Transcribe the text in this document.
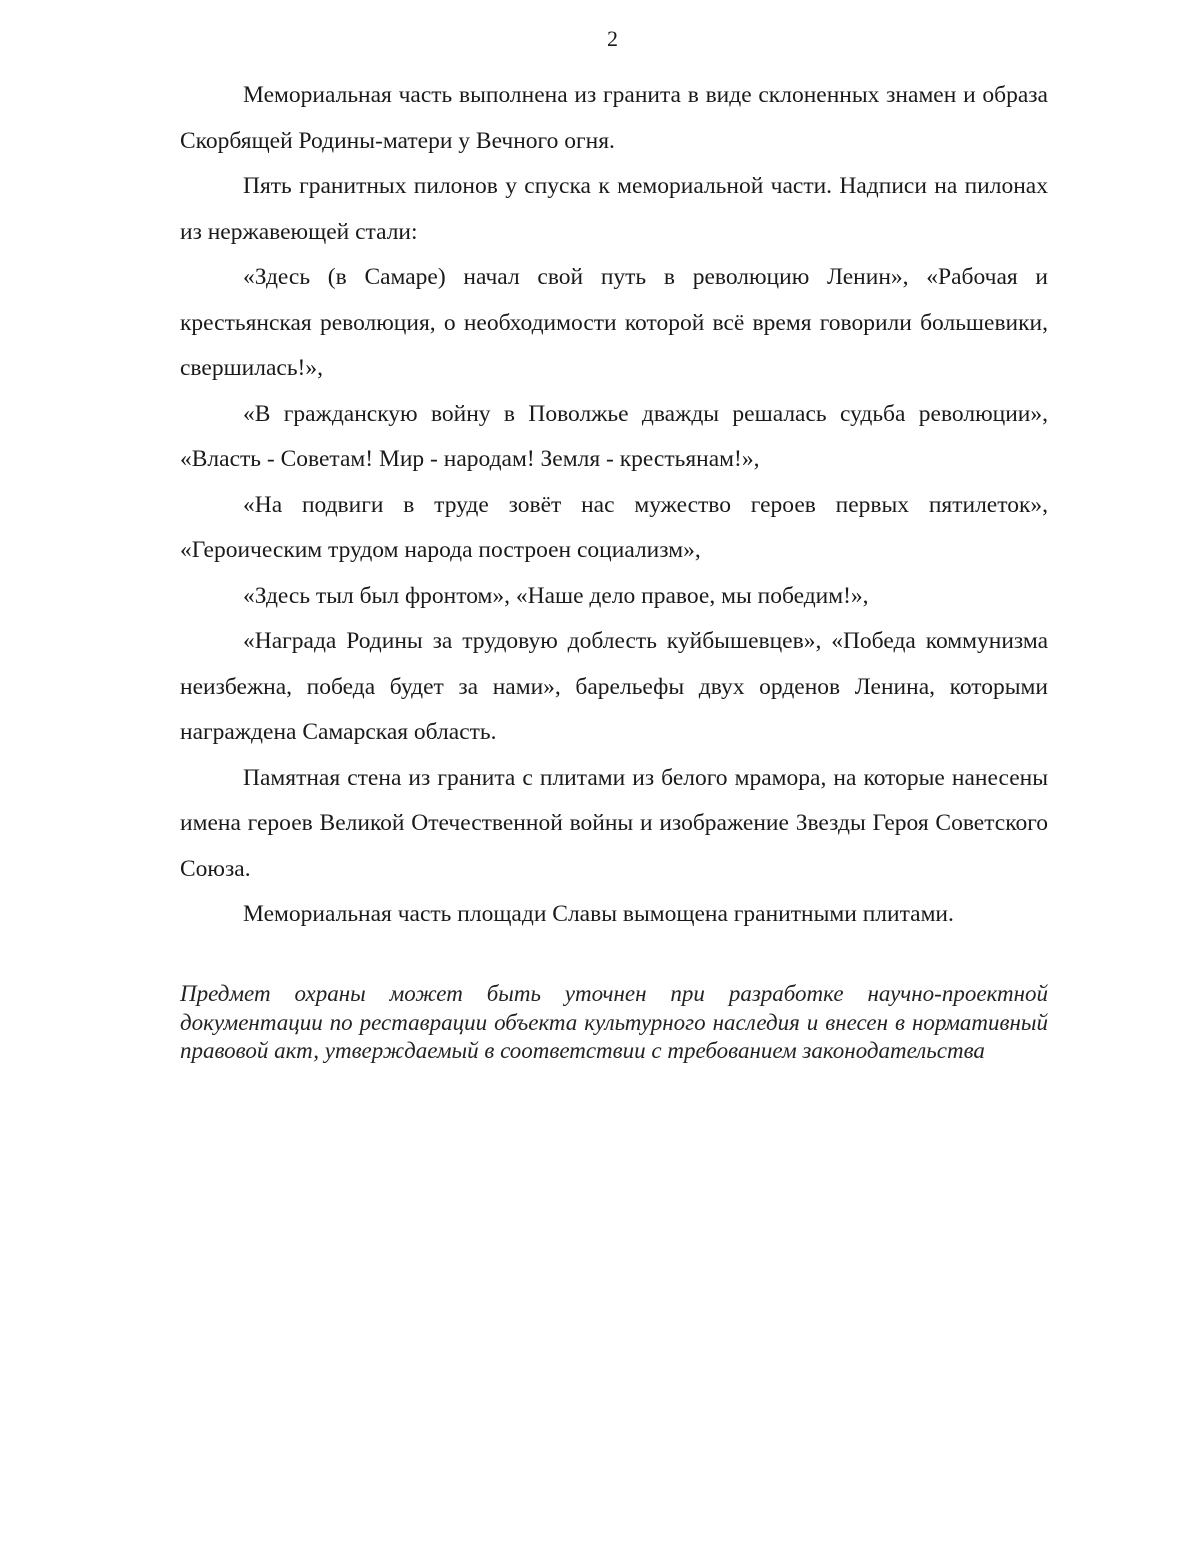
2

Мемориальная часть выполнена из гранита в виде склоненных знамен и образа Скорбящей Родины-матери у Вечного огня.

Пять гранитных пилонов у спуска к мемориальной части. Надписи на пилонах из нержавеющей стали:

«Здесь (в Самаре) начал свой путь в революцию Ленин», «Рабочая и крестьянская революция, о необходимости которой всё время говорили большевики, свершилась!»,

«В гражданскую войну в Поволжье дважды решалась судьба революции», «Власть - Советам! Мир - народам! Земля - крестьянам!»,

«На подвиги в труде зовёт нас мужество героев первых пятилеток», «Героическим трудом народа построен социализм»,

«Здесь тыл был фронтом», «Наше дело правое, мы победим!»,

«Награда Родины за трудовую доблесть куйбышевцев», «Победа коммунизма неизбежна, победа будет за нами», барельефы двух орденов Ленина, которыми награждена Самарская область.

Памятная стена из гранита с плитами из белого мрамора, на которые нанесены имена героев Великой Отечественной войны и изображение Звезды Героя Советского Союза.

Мемориальная часть площади Славы вымощена гранитными плитами.

Предмет охраны может быть уточнен при разработке научно-проектной документации по реставрации объекта культурного наследия и внесен в нормативный правовой акт, утверждаемый в соответствии с требованием законодательства
